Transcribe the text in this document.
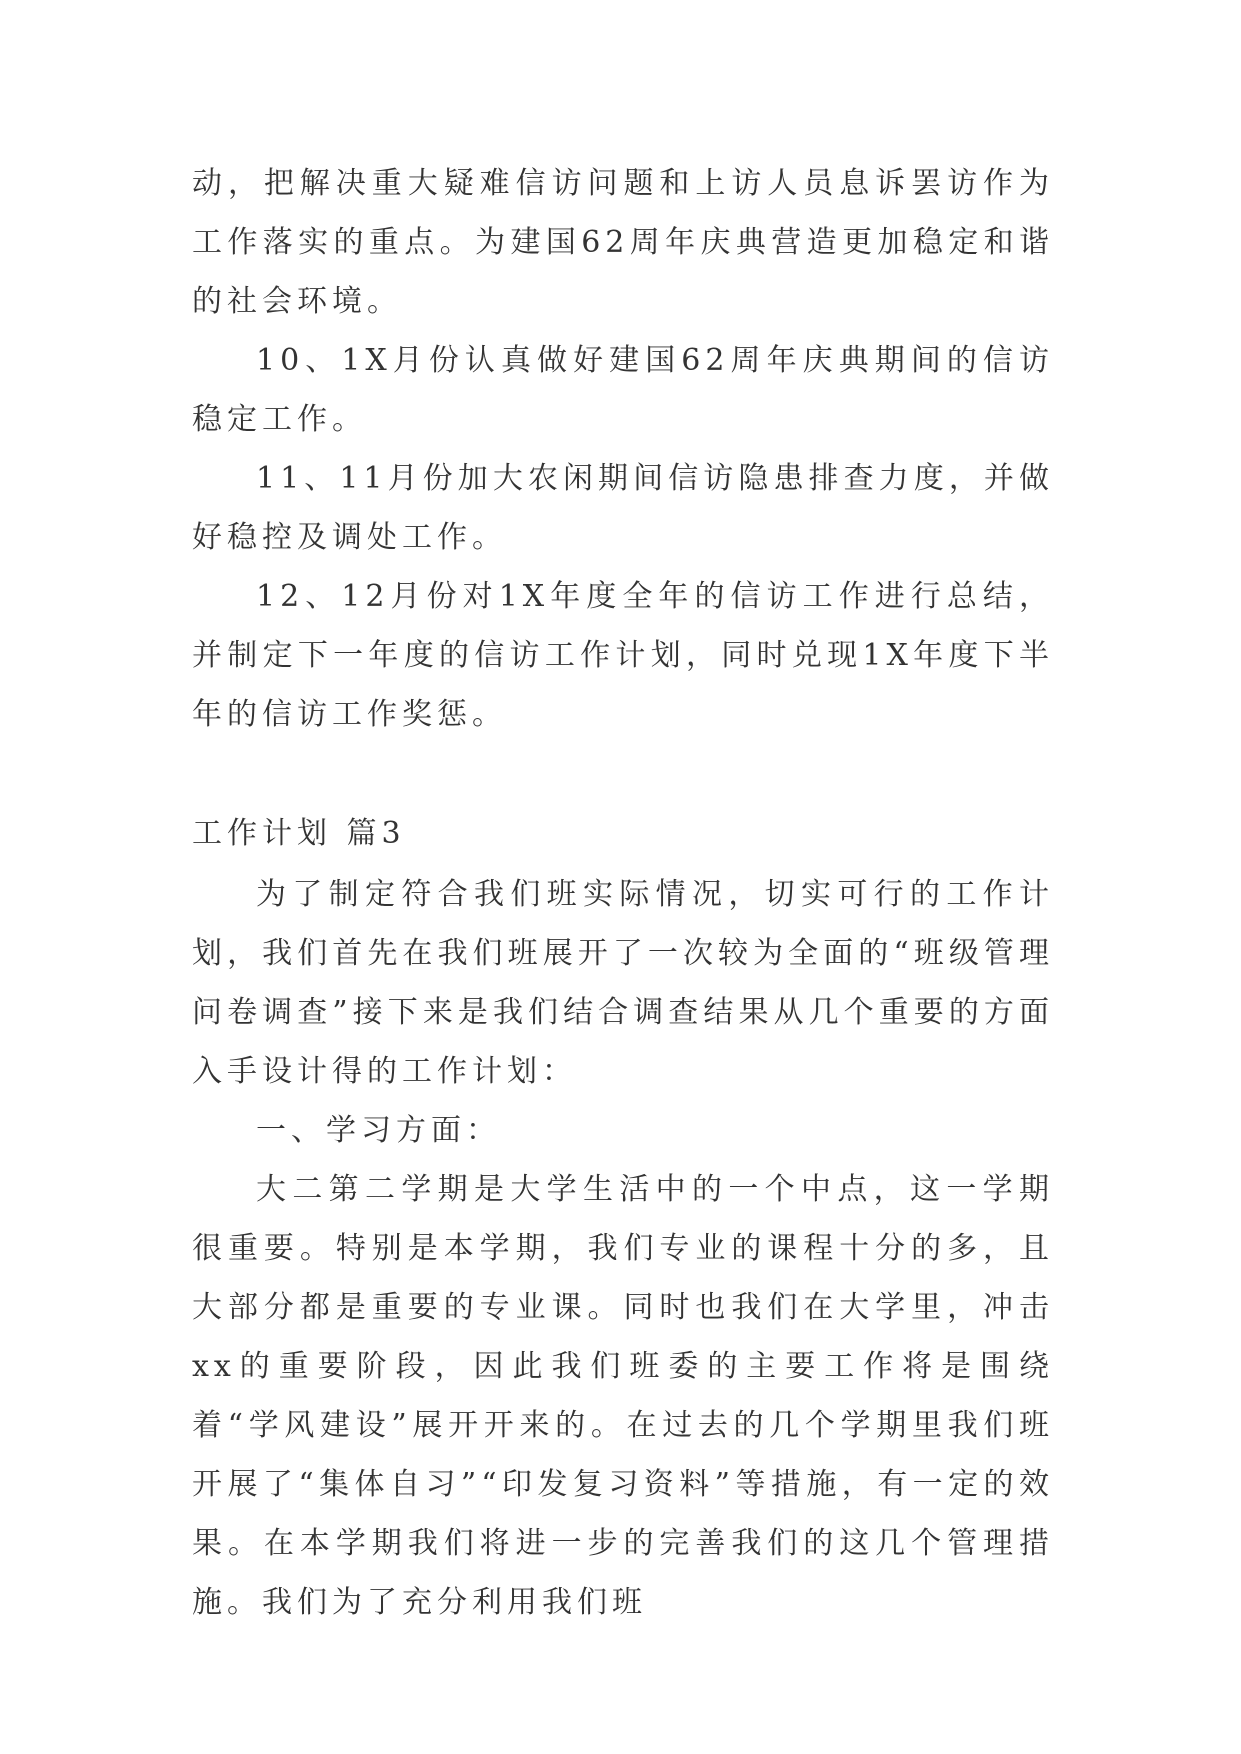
动，把解决重大疑难信访问题和上访人员息诉罢访作为工作落实的重点。为建国62周年庆典营造更加稳定和谐的社会环境。

10、1X月份认真做好建国62周年庆典期间的信访稳定工作。

11、11月份加大农闲期间信访隐患排查力度，并做好稳控及调处工作。

12、12月份对1X年度全年的信访工作进行总结，并制定下一年度的信访工作计划，同时兑现1X年度下半年的信访工作奖惩。

工作计划 篇3

为了制定符合我们班实际情况，切实可行的工作计划，我们首先在我们班展开了一次较为全面的“班级管理问卷调查”接下来是我们结合调查结果从几个重要的方面入手设计得的工作计划：

一、学习方面：

大二第二学期是大学生活中的一个中点，这一学期很重要。特别是本学期，我们专业的课程十分的多，且大部分都是重要的专业课。同时也我们在大学里，冲击xx的重要阶段，因此我们班委的主要工作将是围绕着“学风建设”展开开来的。在过去的几个学期里我们班开展了“集体自习”“印发复习资料”等措施，有一定的效果。在本学期我们将进一步的完善我们的这几个管理措施。我们为了充分利用我们班
